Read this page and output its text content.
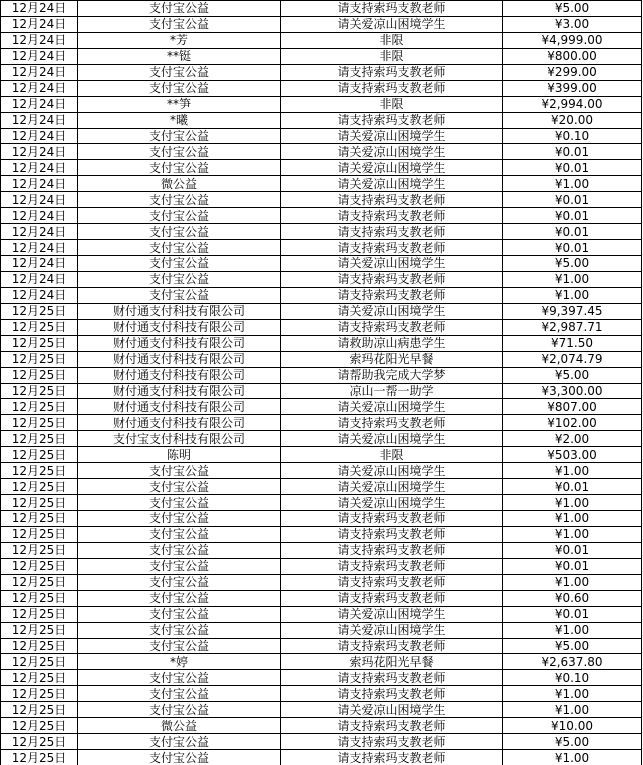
12月24日	支付宝公益	请支持索玛支教老师	¥5.00
12月24日	支付宝公益	请关爱凉山困境学生	¥3.00
12月24日	*芳	非限	¥4,999.00
12月24日	**铤	非限	¥800.00
12月24日	支付宝公益	请支持索玛支教老师	¥299.00
12月24日	支付宝公益	请支持索玛支教老师	¥399.00
12月24日	**笋	非限	¥2,994.00
12月24日	*曦	请支持索玛支教老师	¥20.00
12月24日	支付宝公益	请关爱凉山困境学生	¥0.10
12月24日	支付宝公益	请关爱凉山困境学生	¥0.01
12月24日	支付宝公益	请关爱凉山困境学生	¥0.01
12月24日	微公益	请关爱凉山困境学生	¥1.00
12月24日	支付宝公益	请支持索玛支教老师	¥0.01
12月24日	支付宝公益	请支持索玛支教老师	¥0.01
12月24日	支付宝公益	请支持索玛支教老师	¥0.01
12月24日	支付宝公益	请支持索玛支教老师	¥0.01
12月24日	支付宝公益	请关爱凉山困境学生	¥5.00
12月24日	支付宝公益	请支持索玛支教老师	¥1.00
12月24日	支付宝公益	请支持索玛支教老师	¥1.00
12月25日	财付通支付科技有限公司	请关爱凉山困境学生	¥9,397.45
12月25日	财付通支付科技有限公司	请支持索玛支教老师	¥2,987.71
12月25日	财付通支付科技有限公司	请救助凉山病患学生	¥71.50
12月25日	财付通支付科技有限公司	索玛花阳光早餐	¥2,074.79
12月25日	财付通支付科技有限公司	请帮助我完成大学梦	¥5.00
12月25日	财付通支付科技有限公司	凉山一帮一助学	¥3,300.00
12月25日	财付通支付科技有限公司	请关爱凉山困境学生	¥807.00
12月25日	财付通支付科技有限公司	请支持索玛支教老师	¥102.00
12月25日	支付宝支付科技有限公司	请关爱凉山困境学生	¥2.00
12月25日	陈明	非限	¥503.00
12月25日	支付宝公益	请关爱凉山困境学生	¥1.00
12月25日	支付宝公益	请关爱凉山困境学生	¥0.01
12月25日	支付宝公益	请关爱凉山困境学生	¥1.00
12月25日	支付宝公益	请支持索玛支教老师	¥1.00
12月25日	支付宝公益	请支持索玛支教老师	¥1.00
12月25日	支付宝公益	请支持索玛支教老师	¥0.01
12月25日	支付宝公益	请支持索玛支教老师	¥0.01
12月25日	支付宝公益	请支持索玛支教老师	¥1.00
12月25日	支付宝公益	请支持索玛支教老师	¥0.60
12月25日	支付宝公益	请关爱凉山困境学生	¥0.01
12月25日	支付宝公益	请关爱凉山困境学生	¥1.00
12月25日	支付宝公益	请支持索玛支教老师	¥5.00
12月25日	*婷	索玛花阳光早餐	¥2,637.80
12月25日	支付宝公益	请支持索玛支教老师	¥0.10
12月25日	支付宝公益	请支持索玛支教老师	¥1.00
12月25日	支付宝公益	请关爱凉山困境学生	¥1.00
12月25日	微公益	请支持索玛支教老师	¥10.00
12月25日	支付宝公益	请支持索玛支教老师	¥5.00
12月25日	支付宝公益	请支持索玛支教老师	¥1.00
